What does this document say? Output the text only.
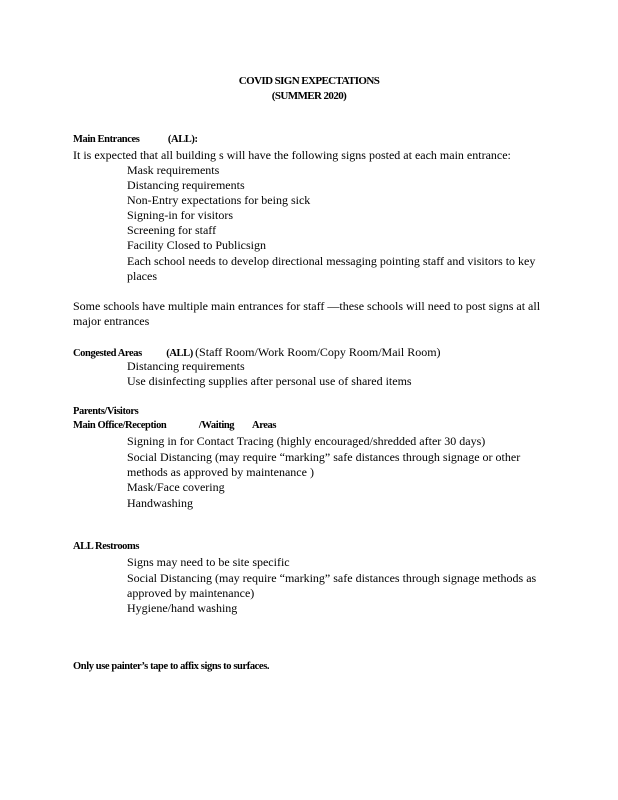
COVID SIGN EXPECTATIONS
(SUMMER 2020)
Main Entrances	(ALL):
It is expected that all building s will have the following signs posted at each main entrance:
Mask requirements
Distancing requirements
Non-Entry expectations for being sick
Signing-in for visitors
Screening for staff
Facility Closed to Publicsign
Each school needs to develop directional messaging pointing staff and visitors to key places
Some schools have multiple main entrances for staff —these schools will need to post signs at all major entrances
Congested Areas (ALL) (Staff Room/Work Room/Copy Room/Mail Room)
Distancing requirements
Use disinfecting supplies after personal use of shared items
Parents/Visitors
Main Office/Reception	/Waiting Areas
Signing in for Contact Tracing (highly encouraged/shredded after 30 days)
Social Distancing (may require “marking” safe distances through signage or other methods as approved by maintenance )
Mask/Face covering
Handwashing
ALL Restrooms
Signs may need to be site specific
Social Distancing (may require “marking” safe distances through signage methods as approved by maintenance)
Hygiene/hand washing
Only use painter’s tape to affix signs to surfaces.
